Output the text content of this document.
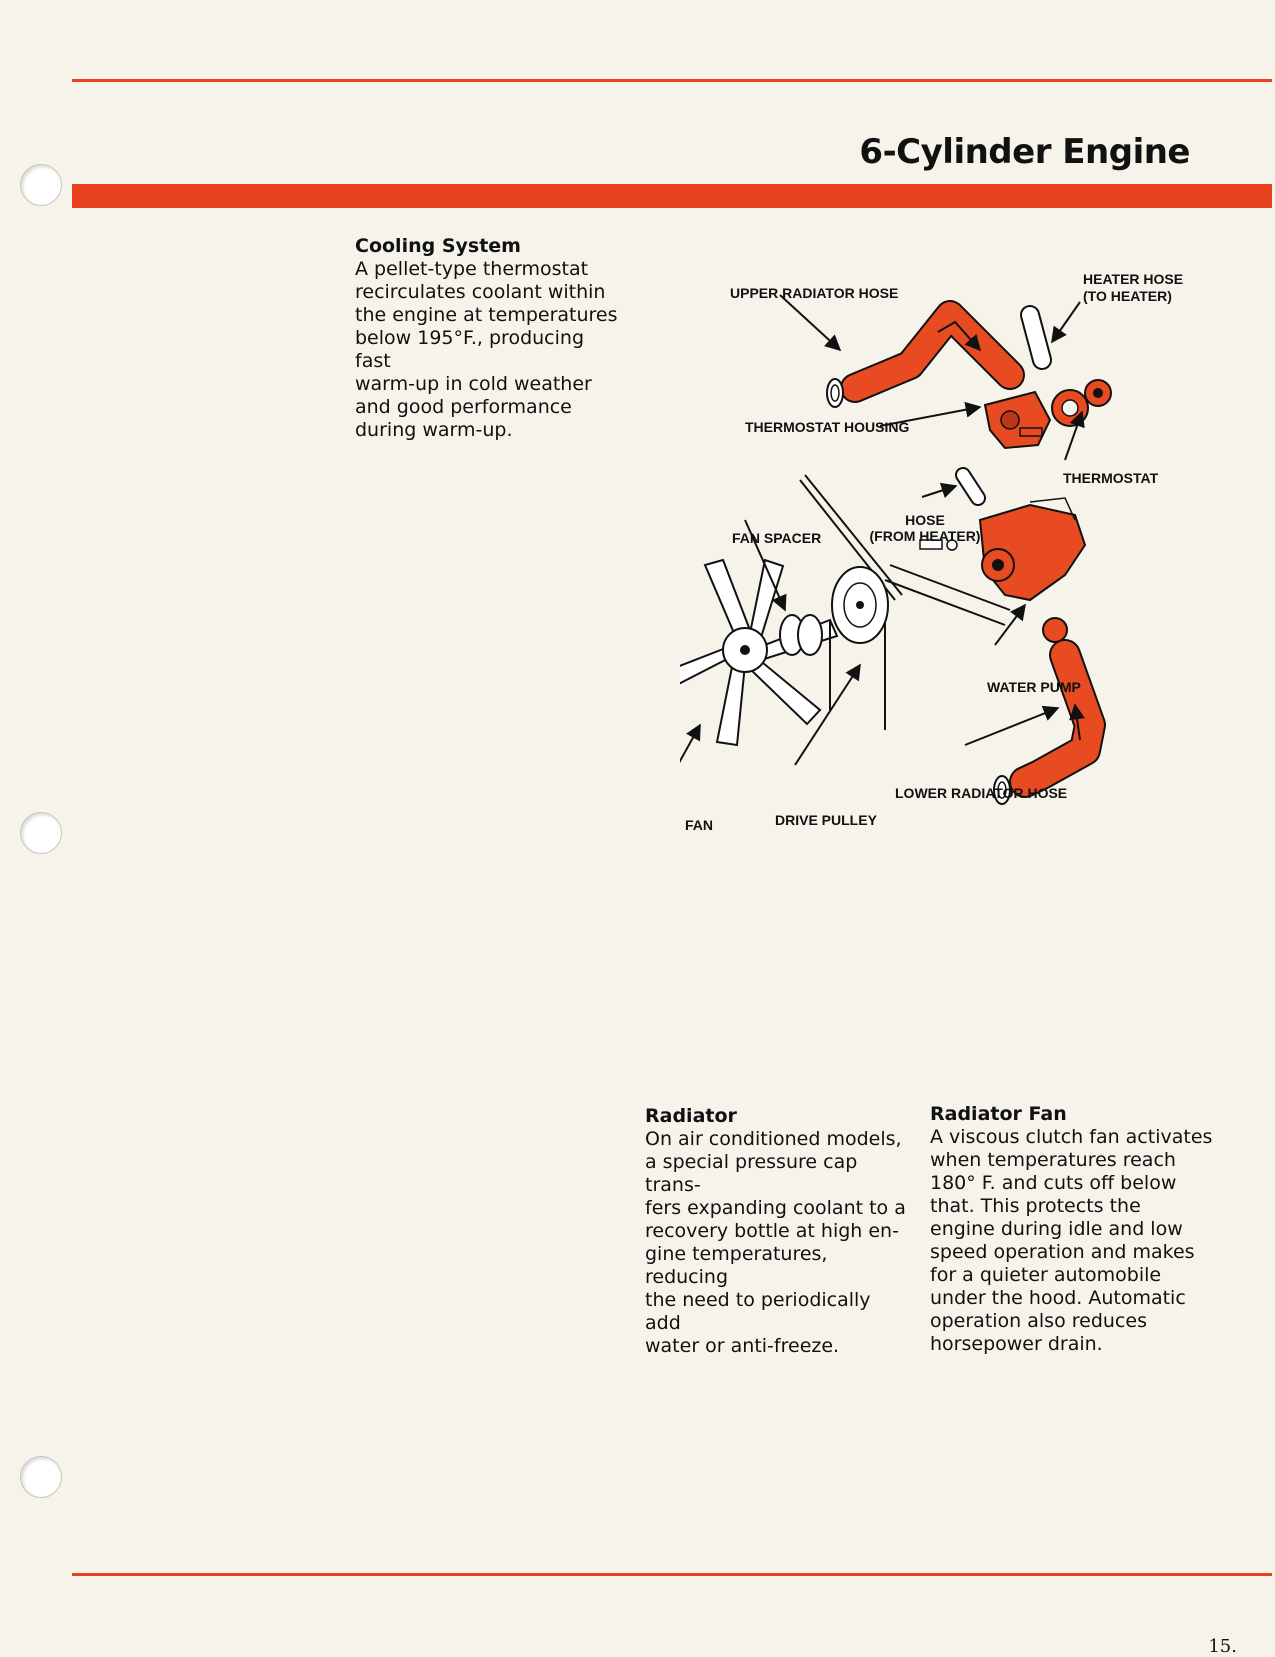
6-Cylinder Engine
Cooling System
A pellet-type thermostat
recirculates coolant within
the engine at temperatures
below 195°F., producing fast
warm-up in cold weather
and good performance
during warm-up.
UPPER RADIATOR HOSE
HEATER HOSE
(TO HEATER)
THERMOSTAT HOUSING
THERMOSTAT
HOSE
(FROM HEATER)
FAN SPACER
WATER PUMP
LOWER RADIATOR HOSE
FAN	DRIVE PULLEY
Radiator
On air conditioned models,
a special pressure cap trans-
fers expanding coolant to a
recovery bottle at high en-
gine temperatures, reducing
the need to periodically add
water or anti-freeze.
Radiator Fan
A viscous clutch fan activates
when temperatures reach
180° F. and cuts off below
that. This protects the
engine during idle and low
speed operation and makes
for a quieter automobile
under the hood. Automatic
operation also reduces
horsepower drain.
15.
